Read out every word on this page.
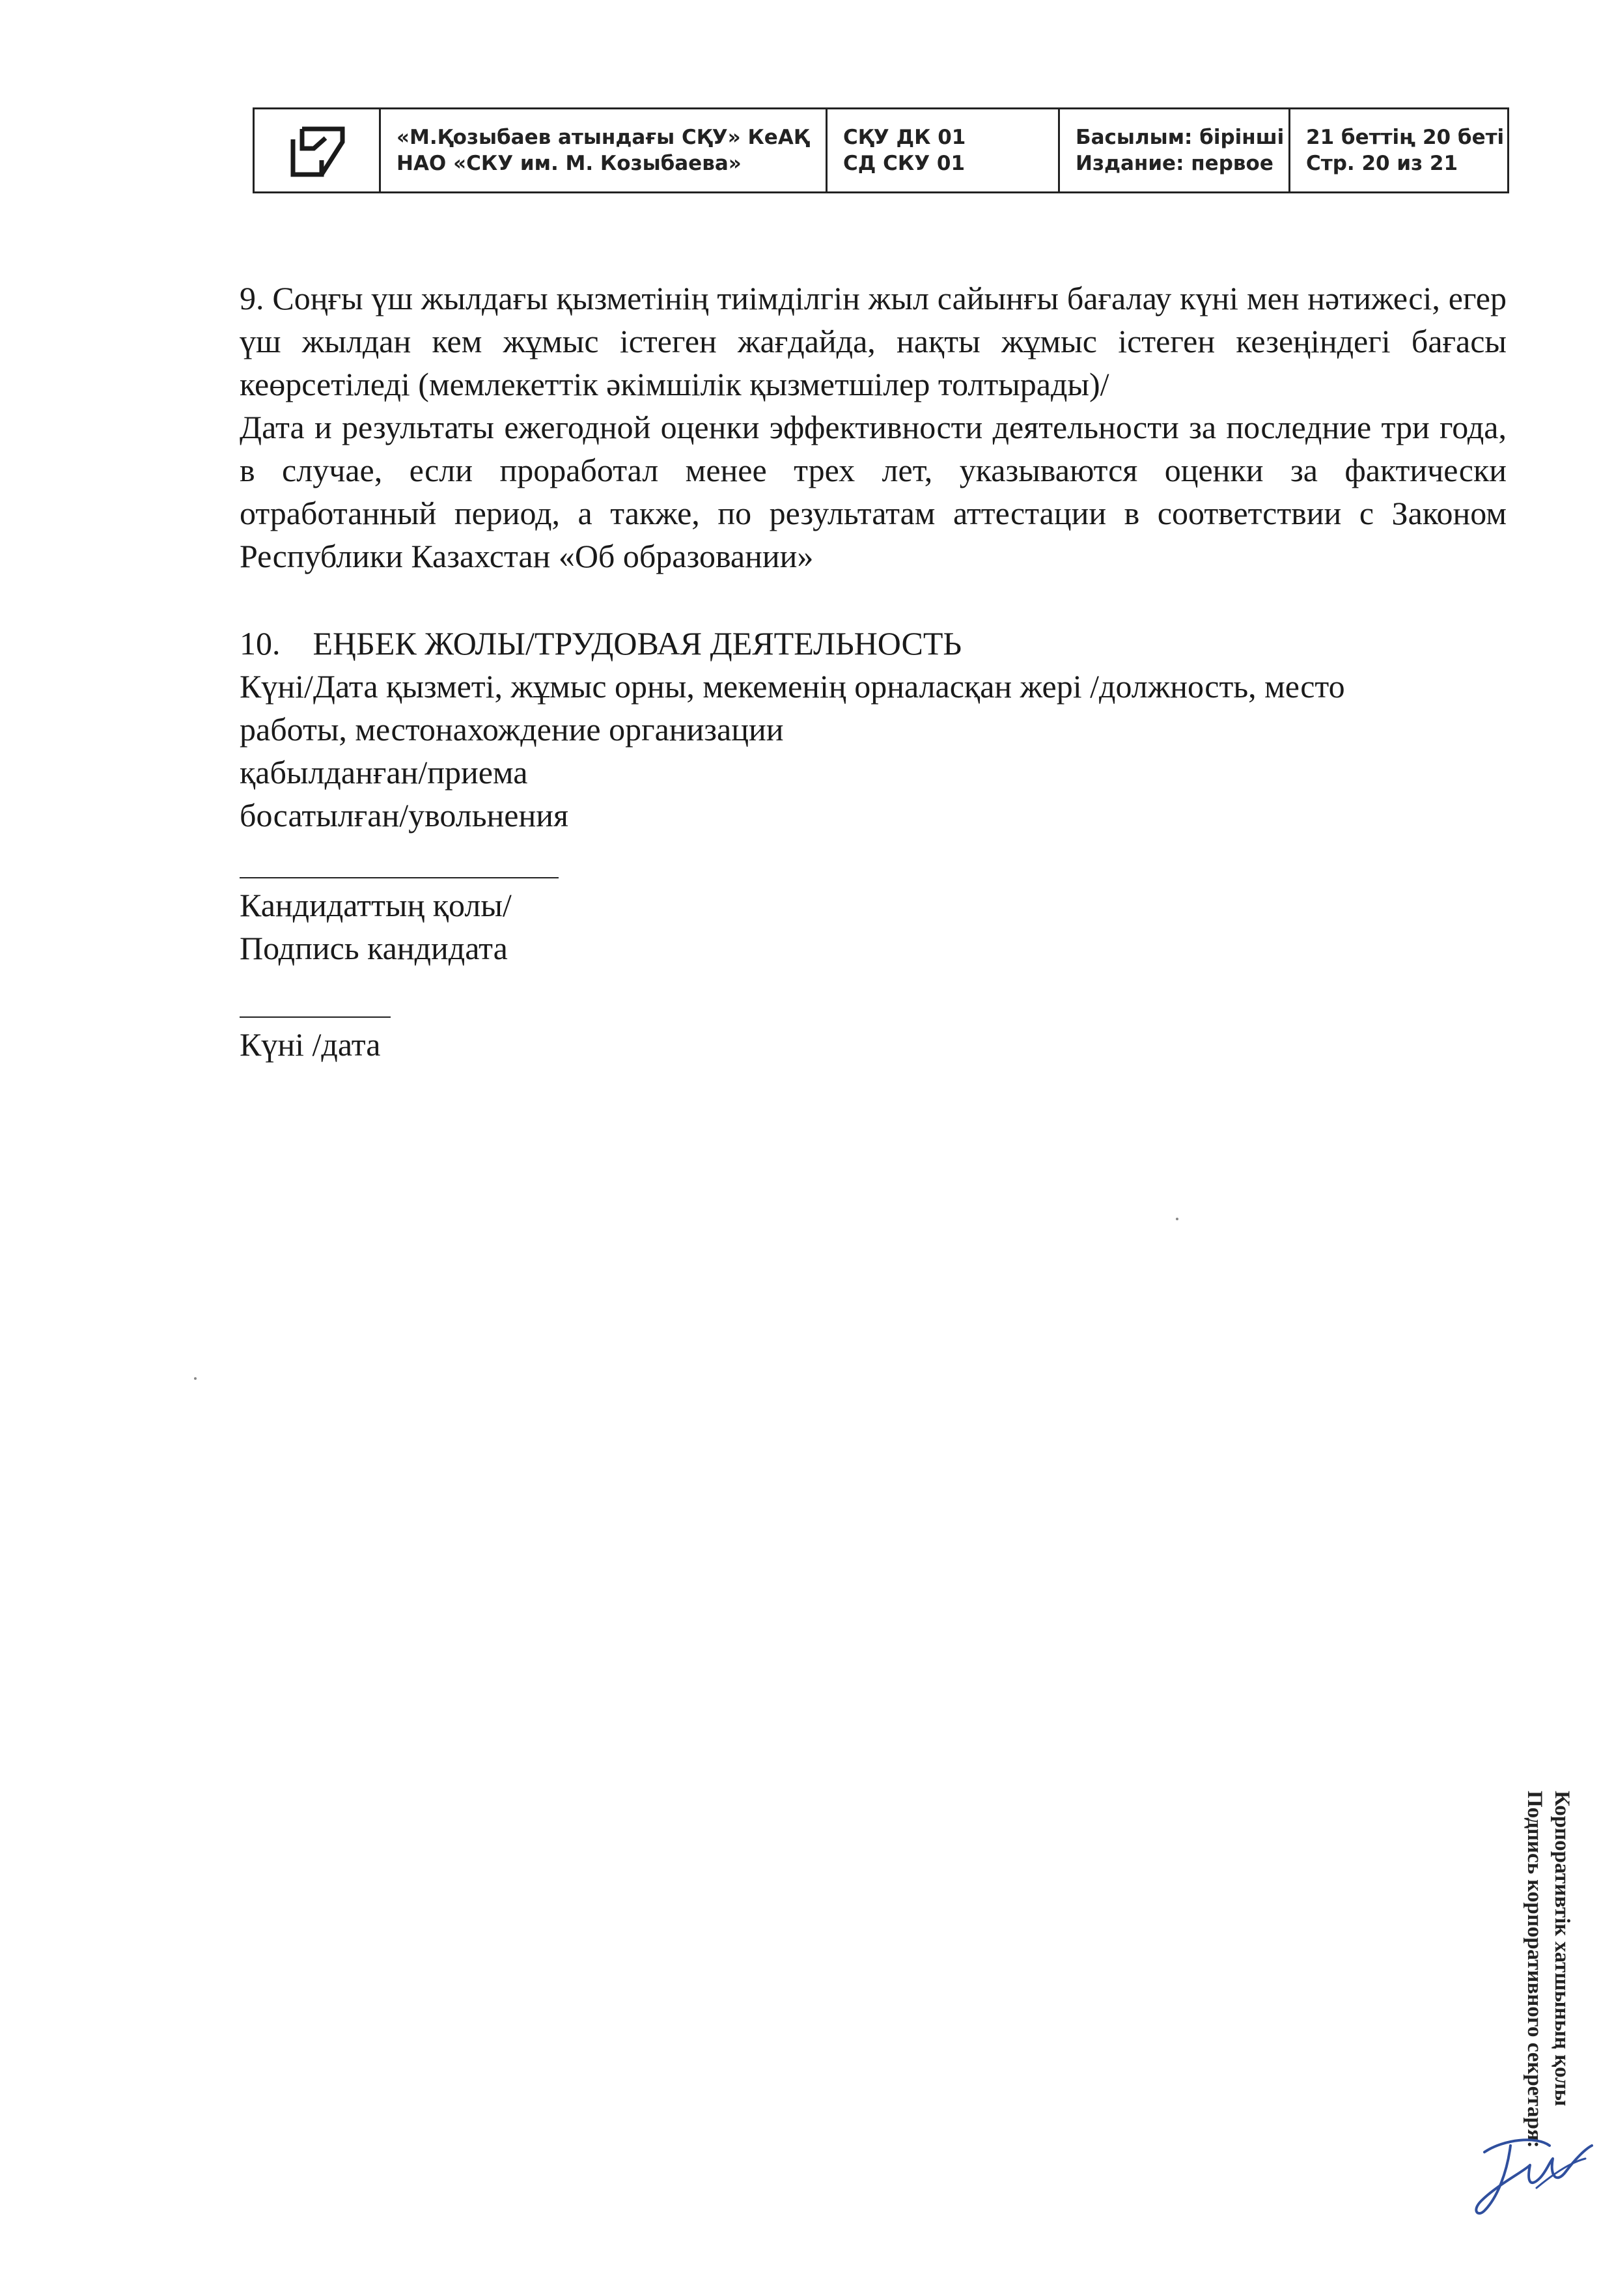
«М.Қозыбаев атындағы СҚУ» КеАҚ
НАО «СКУ им. М. Козыбаева»
СҚУ ДК 01
СД СКУ 01
Басылым: бірінші
Издание: первое
21 беттің 20 беті
Стр. 20 из 21

9. Соңғы үш жылдағы қызметінің тиімділгін жыл сайынғы бағалау күні мен нәтижесі, егер үш жылдан кем жұмыс істеген жағдайда, нақты жұмыс істеген кезеңіндегі бағасы кеөрсетіледі (мемлекеттік әкімшілік қызметшілер толтырады)/

Дата и результаты ежегодной оценки эффективности деятельности за последние три года, в случае, если проработал менее трех лет, указываются оценки за фактически отработанный период, а также, по результатам аттестации в соответствии с Законом Республики Казахстан «Об образовании»

10.    ЕҢБЕК ЖОЛЫ/ТРУДОВАЯ ДЕЯТЕЛЬНОСТЬ

Күні/Дата қызметі, жұмыс орны, мекеменің орналасқан жері /должность, место

работы, местонахождение организации

қабылданған/приема

босатылған/увольнения

Кандидаттың қолы/

Подпись кандидата

Күні /дата

Корпоративтік хатшының қолы
Подпись корпоративного секретаря:
